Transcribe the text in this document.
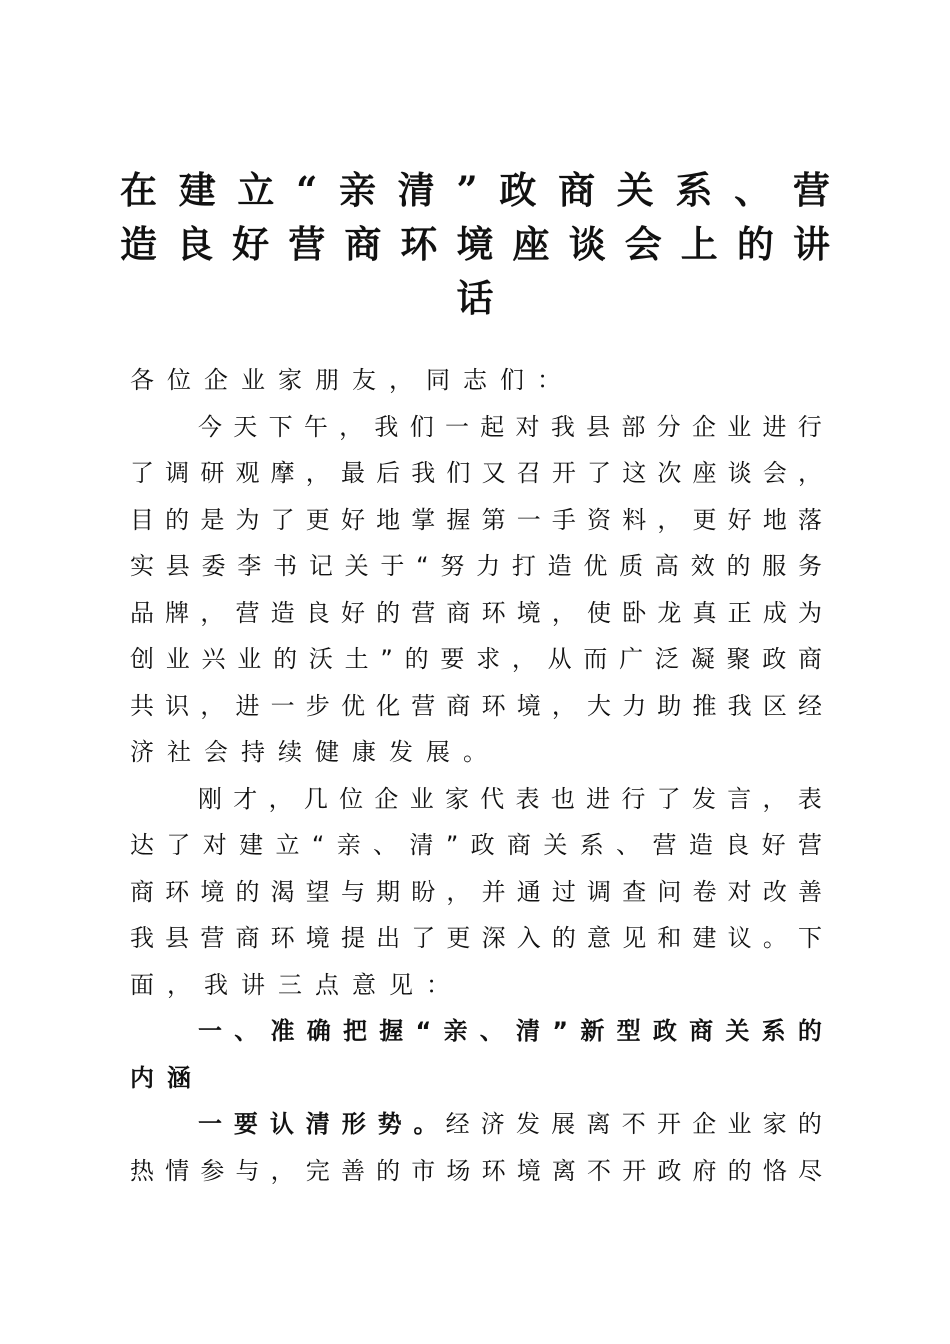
在 建 立 “ 亲 清 ” 政 商 关 系 、 营
造 良 好 营 商 环 境 座 谈 会 上 的 讲
话
各 位 企 业 家 朋 友 ， 同 志 们 ：
今 天 下 午 ， 我 们 一 起 对 我 县 部 分 企 业 进 行
了 调 研 观 摩 ， 最 后 我 们 又 召 开 了 这 次 座 谈 会 ，
目 的 是 为 了 更 好 地 掌 握 第 一 手 资 料 ， 更 好 地 落
实 县 委 李 书 记 关 于 “ 努 力 打 造 优 质 高 效 的 服 务
品 牌 ， 营 造 良 好 的 营 商 环 境 ， 使 卧 龙 真 正 成 为
创 业 兴 业 的 沃 土 ” 的 要 求 ， 从 而 广 泛 凝 聚 政 商
共 识 ， 进 一 步 优 化 营 商 环 境 ， 大 力 助 推 我 区 经
济 社 会 持 续 健 康 发 展 。
刚 才 ， 几 位 企 业 家 代 表 也 进 行 了 发 言 ， 表
达 了 对 建 立 “ 亲 、 清 ” 政 商 关 系 、 营 造 良 好 营
商 环 境 的 渴 望 与 期 盼 ， 并 通 过 调 查 问 卷 对 改 善
我 县 营 商 环 境 提 出 了 更 深 入 的 意 见 和 建 议 。 下
面 ， 我 讲 三 点 意 见 ：
一 、 准 确 把 握 “ 亲 、 清 ” 新 型 政 商 关 系 的
内 涵
一 要 认 清 形 势 。 经 济 发 展 离 不 开 企 业 家 的
热 情 参 与 ， 完 善 的 市 场 环 境 离 不 开 政 府 的 恪 尽
